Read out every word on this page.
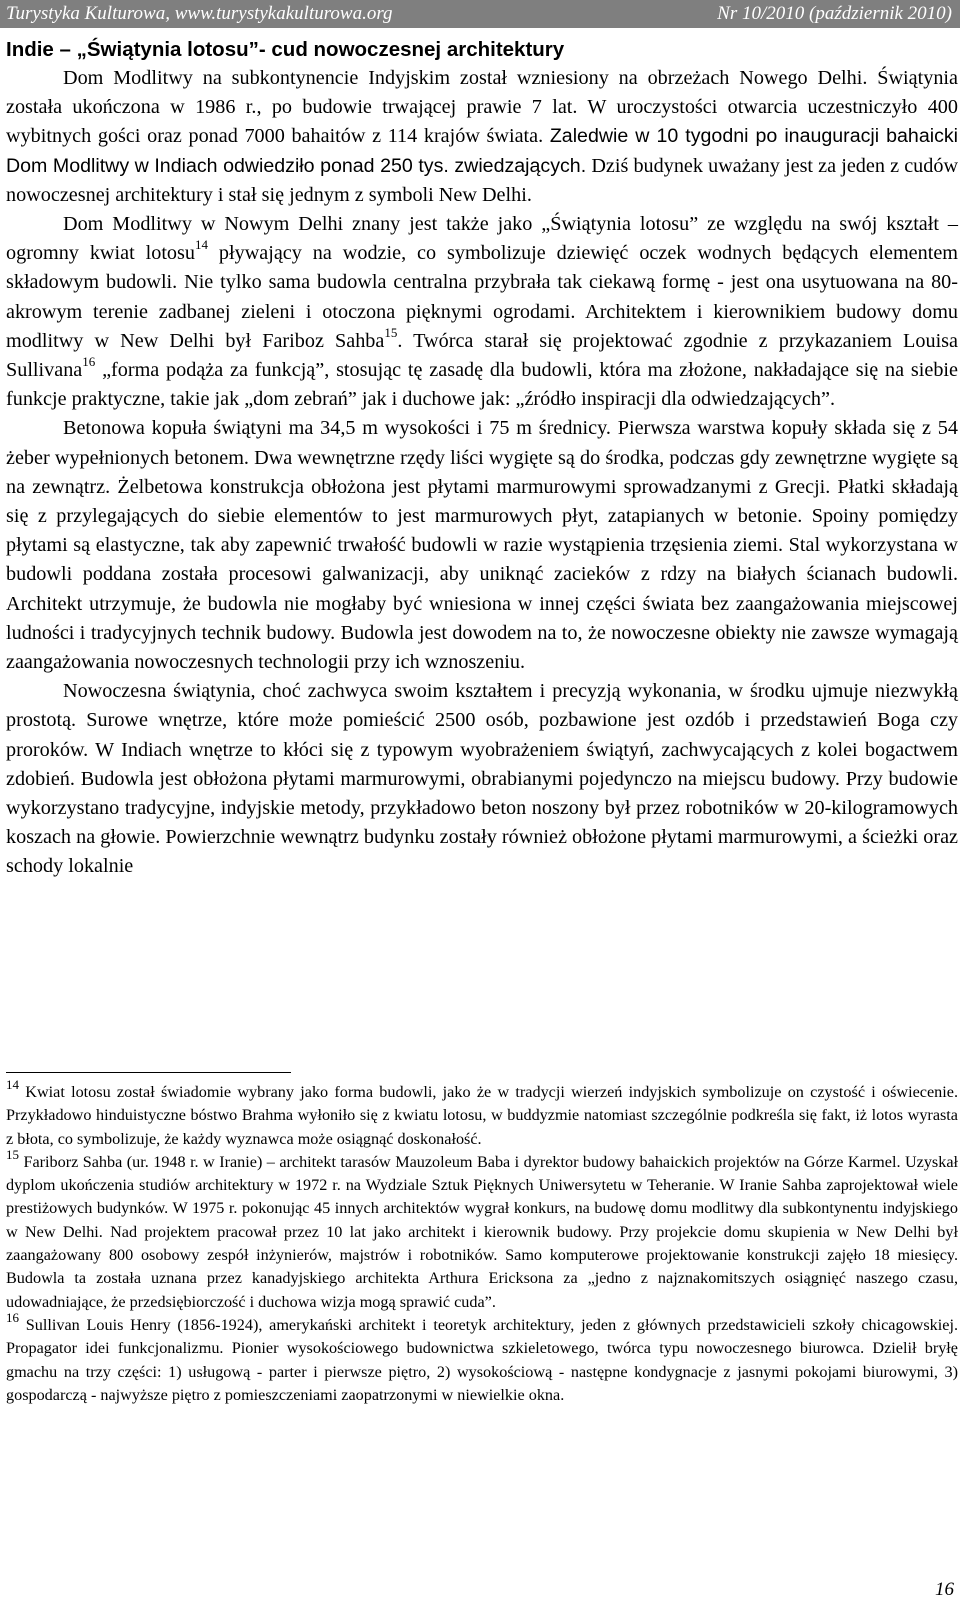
Turystyka Kulturowa, www.turystykakulturowa.org	Nr 10/2010 (październik 2010)
Indie – „Świątynia lotosu”- cud nowoczesnej architektury

Dom Modlitwy na subkontynencie Indyjskim został wzniesiony na obrzeżach Nowego Delhi. Świątynia została ukończona w 1986 r., po budowie trwającej prawie 7 lat. W uroczystości otwarcia uczestniczyło 400 wybitnych gości oraz ponad 7000 bahaitów z 114 krajów świata. Zaledwie w 10 tygodni po inauguracji bahaicki Dom Modlitwy w Indiach odwiedziło ponad 250 tys. zwiedzających. Dziś budynek uważany jest za jeden z cudów nowoczesnej architektury i stał się jednym z symboli New Delhi.

Dom Modlitwy w Nowym Delhi znany jest także jako „Świątynia lotosu” ze względu na swój kształt – ogromny kwiat lotosu$^{14}$ pływający na wodzie, co symbolizuje dziewięć oczek wodnych będących elementem składowym budowli. Nie tylko sama budowla centralna przybrała tak ciekawą formę - jest ona usytuowana na 80-akrowym terenie zadbanej zieleni i otoczona pięknymi ogrodami. Architektem i kierownikiem budowy domu modlitwy w New Delhi był Fariboz Sahba$^{15}$. Twórca starał się projektować zgodnie z przykazaniem Louisa Sullivana$^{16}$ „forma podąża za funkcją”, stosując tę zasadę dla budowli, która ma złożone, nakładające się na siebie funkcje praktyczne, takie jak „dom zebrań” jak i duchowe jak: „źródło inspiracji dla odwiedzających”.

Betonowa kopuła świątyni ma 34,5 m wysokości i 75 m średnicy. Pierwsza warstwa kopuły składa się z 54 żeber wypełnionych betonem. Dwa wewnętrzne rzędy liści wygięte są do środka, podczas gdy zewnętrzne wygięte są na zewnątrz. Żelbetowa konstrukcja obłożona jest płytami marmurowymi sprowadzanymi z Grecji. Płatki składają się z przylegających do siebie elementów to jest marmurowych płyt, zatapianych w betonie. Spoiny pomiędzy płytami są elastyczne, tak aby zapewnić trwałość budowli w razie wystąpienia trzęsienia ziemi. Stal wykorzystana w budowli poddana została procesowi galwanizacji, aby uniknąć zacieków z rdzy na białych ścianach budowli. Architekt utrzymuje, że budowla nie mogłaby być wniesiona w innej części świata bez zaangażowania miejscowej ludności i tradycyjnych technik budowy. Budowla jest dowodem na to, że nowoczesne obiekty nie zawsze wymagają zaangażowania nowoczesnych technologii przy ich wznoszeniu.

Nowoczesna świątynia, choć zachwyca swoim kształtem i precyzją wykonania, w środku ujmuje niezwykłą prostotą. Surowe wnętrze, które może pomieścić 2500 osób, pozbawione jest ozdób i przedstawień Boga czy proroków. W Indiach wnętrze to kłóci się z typowym wyobrażeniem świątyń, zachwycających z kolei bogactwem zdobień. Budowla jest obłożona płytami marmurowymi, obrabianymi pojedynczo na miejscu budowy. Przy budowie wykorzystano tradycyjne, indyjskie metody, przykładowo beton noszony był przez robotników w 20-kilogramowych koszach na głowie. Powierzchnie wewnątrz budynku zostały również obłożone płytami marmurowymi, a ścieżki oraz schody lokalnie

$^{14}$ Kwiat lotosu został świadomie wybrany jako forma budowli, jako że w tradycji wierzeń indyjskich symbolizuje on czystość i oświecenie. Przykładowo hinduistyczne bóstwo Brahma wyłoniło się z kwiatu lotosu, w buddyzmie natomiast szczególnie podkreśla się fakt, iż lotos wyrasta z błota, co symbolizuje, że każdy wyznawca może osiągnąć doskonałość.

$^{15}$ Fariborz Sahba (ur. 1948 r. w Iranie) – architekt tarasów Mauzoleum Baba i dyrektor budowy bahaickich projektów na Górze Karmel. Uzyskał dyplom ukończenia studiów architektury w 1972 r. na Wydziale Sztuk Pięknych Uniwersytetu w Teheranie. W Iranie Sahba zaprojektował wiele prestiżowych budynków. W 1975 r. pokonując 45 innych architektów wygrał konkurs, na budowę domu modlitwy dla subkontynentu indyjskiego w New Delhi. Nad projektem pracował przez 10 lat jako architekt i kierownik budowy. Przy projekcie domu skupienia w New Delhi był zaangażowany 800 osobowy zespół inżynierów, majstrów i robotników. Samo komputerowe projektowanie konstrukcji zajęło 18 miesięcy. Budowla ta została uznana przez kanadyjskiego architekta Arthura Ericksona za „jedno z najznakomitszych osiągnięć naszego czasu, udowadniające, że przedsiębiorczość i duchowa wizja mogą sprawić cuda”.

$^{16}$ Sullivan Louis Henry (1856-1924), amerykański architekt i teoretyk architektury, jeden z głównych przedstawicieli szkoły chicagowskiej. Propagator idei funkcjonalizmu. Pionier wysokościowego budownictwa szkieletowego, twórca typu nowoczesnego biurowca. Dzielił bryłę gmachu na trzy części: 1) usługową - parter i pierwsze piętro, 2) wysokościową - następne kondygnacje z jasnymi pokojami biurowymi, 3) gospodarczą - najwyższe piętro z pomieszczeniami zaopatrzonymi w niewielkie okna.

16
